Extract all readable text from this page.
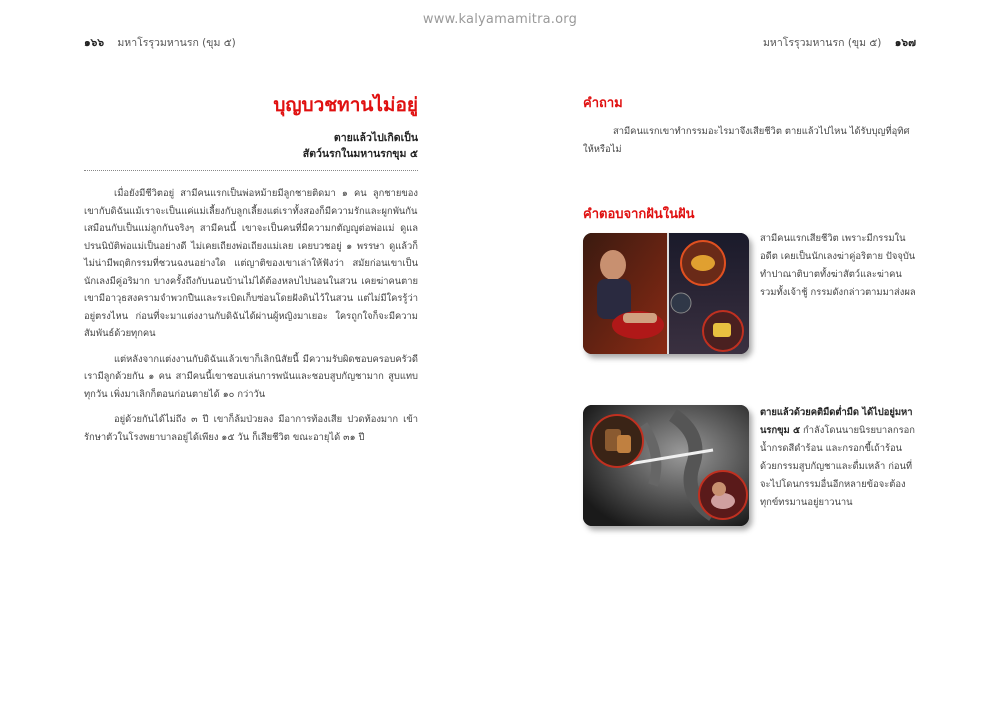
www.kalyamamitra.org
๑๖๖ มหาโรรุวมหานรก (ขุม ๕)	มหาโรรุวมหานรก (ขุม ๕) ๑๖๗
บุญบวชทานไม่อยู่
ตายแล้วไปเกิดเป็น
สัตว์นรกในมหานรกขุม ๕

เมื่อยังมีชีวิตอยู่ สามีคนแรกเป็นพ่อหม้ายมีลูกชายติดมา ๑ คน ลูกชายของเขากับดิฉันแม้เราจะเป็นแค่แม่เลี้ยงกับลูกเลี้ยงแต่เราทั้งสองก็มีความรักและผูกพันกันเสมือนกับเป็นแม่ลูกกันจริงๆ สามีคนนี้ เขาจะเป็นคนที่มีความกตัญญูต่อพ่อแม่ ดูแลปรนนิบัติพ่อแม่เป็นอย่างดี ไม่เคยเถียงพ่อเถียงแม่เลย เคยบวชอยู่ ๑ พรรษา ดูแล้วก็ไม่น่ามีพฤติกรรมที่ชวนฉงนอย่างใด แต่ญาติของเขาเล่าให้ฟังว่า สมัยก่อนเขาเป็นนักเลงมีคู่อริมาก บางครั้งถึงกับนอนบ้านไม่ได้ต้องหลบไปนอนในสวน เคยฆ่าคนตาย เขามีอาวุธสงครามจำพวกปืนและระเบิดเก็บซ่อนโดยฝังดินไว้ในสวน แต่ไม่มีใครรู้ว่าอยู่ตรงไหน ก่อนที่จะมาแต่งงานกับดิฉันได้ผ่านผู้หญิงมาเยอะ ใครถูกใจก็จะมีความสัมพันธ์ด้วยทุกคน

แต่หลังจากแต่งงานกับดิฉันแล้วเขาก็เลิกนิสัยนี้ มีความรับผิดชอบครอบครัวดี เรามีลูกด้วยกัน ๑ คน สามีคนนี้เขาชอบเล่นการพนันและชอบสูบกัญชามาก สูบแทบทุกวัน เพิ่งมาเลิกก็ตอนก่อนตายได้ ๑๐ กว่าวัน

อยู่ด้วยกันได้ไม่ถึง ๓ ปี เขาก็ล้มป่วยลง มีอาการท้องเสีย ปวดท้องมาก เข้ารักษาตัวในโรงพยาบาลอยู่ได้เพียง ๑๕ วัน ก็เสียชีวิต ขณะอายุได้ ๓๑ ปี

คำถาม
สามีคนแรกเขาทำกรรมอะไรมาจึงเสียชีวิต ตายแล้วไปไหน ได้รับบุญที่อุทิศให้หรือไม่
คำตอบจากฝันในฝัน
สามีคนแรกเสียชีวิต เพราะมีกรรมในอดีต เคยเป็นนักเลงฆ่าคู่อริตาย ปัจจุบันทำปาณาติบาตทั้งฆ่าสัตว์และฆ่าคนรวมทั้งเจ้าชู้ กรรมดังกล่าวตามมาส่งผล
ตายแล้วด้วยคติมืดต่ำมืด ได้ไปอยู่มหานรกขุม ๕ กำลังโดนนายนิรยบาลกรอกน้ำกรดสีดำร้อน และกรอกขี้เถ้าร้อนด้วยกรรมสูบกัญชาและดื่มเหล้า ก่อนที่จะไปโดนกรรมอื่นอีกหลายข้อจะต้องทุกข์ทรมานอยู่ยาวนาน
